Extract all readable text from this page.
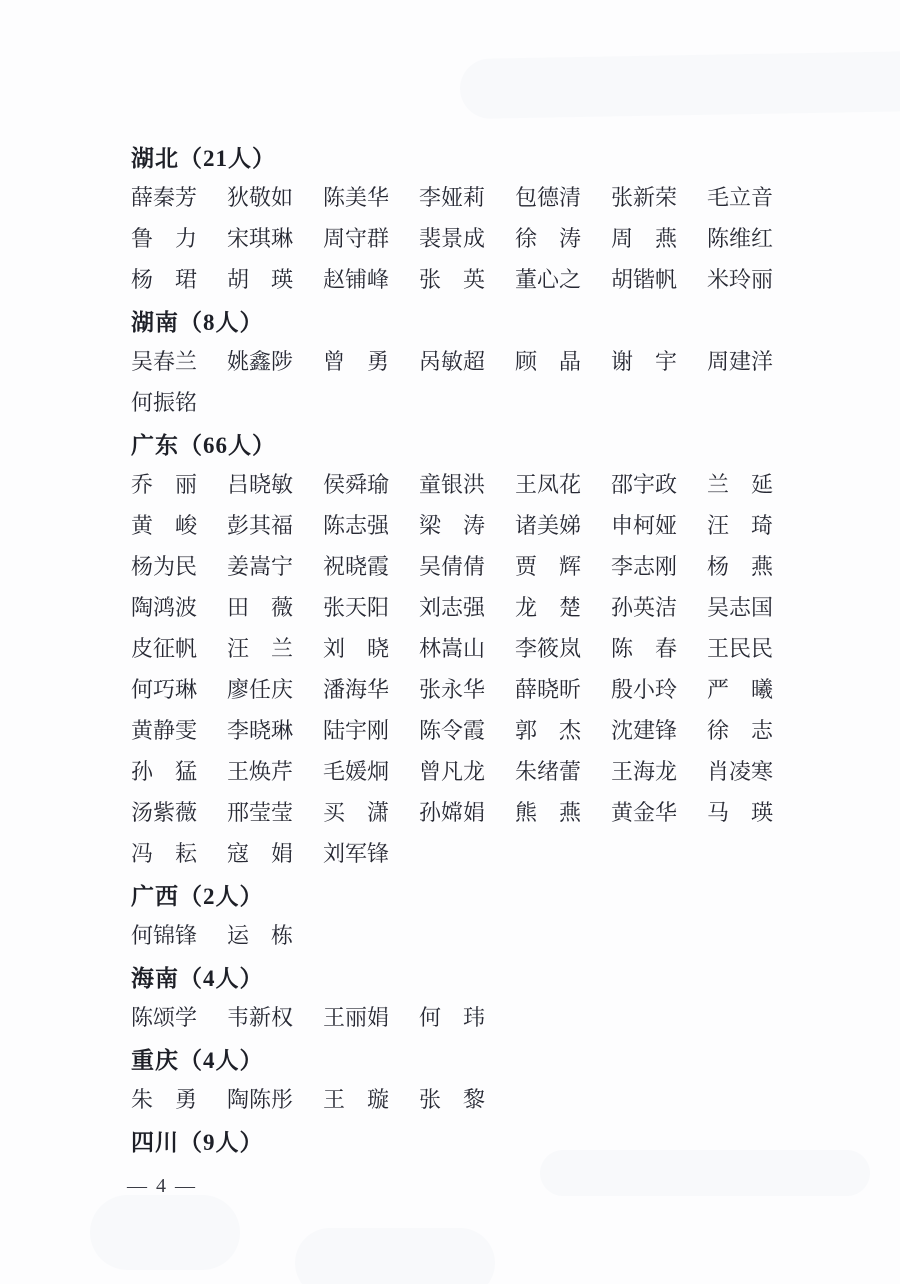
湖北（21人）
薛秦芳 狄敬如 陈美华 李娅莉 包德清 张新荣 毛立音
鲁　力 宋琪琳 周守群 裴景成 徐　涛 周　燕 陈维红
杨　珺 胡　瑛 赵铺峰 张　英 董心之 胡锴帆 米玲丽
湖南（8人）
吴春兰 姚鑫陟 曾　勇 呙敏超 顾　晶 谢　宇 周建洋
何振铭
广东（66人）
乔　丽 吕晓敏 侯舜瑜 童银洪 王凤花 邵宇政 兰　延
黄　峻 彭其福 陈志强 梁　涛 诸美娣 申柯娅 汪　琦
杨为民 姜嵩宁 祝晓霞 吴倩倩 贾　辉 李志刚 杨　燕
陶鸿波 田　薇 张天阳 刘志强 龙　楚 孙英洁 吴志国
皮征帆 汪　兰 刘　晓 林嵩山 李筱岚 陈　春 王民民
何巧琳 廖任庆 潘海华 张永华 薛晓昕 殷小玲 严　曦
黄静雯 李晓琳 陆宇刚 陈令霞 郭　杰 沈建锋 徐　志
孙　猛 王焕芹 毛媛炯 曾凡龙 朱绪蕾 王海龙 肖凌寒
汤紫薇 邢莹莹 买　潇 孙嫦娟 熊　燕 黄金华 马　瑛
冯　耘 寇　娟 刘军锋
广西（2人）
何锦锋 运　栋
海南（4人）
陈颂学 韦新权 王丽娟 何　玮
重庆（4人）
朱　勇 陶陈彤 王　璇 张　黎
四川（9人）
— 4 —
